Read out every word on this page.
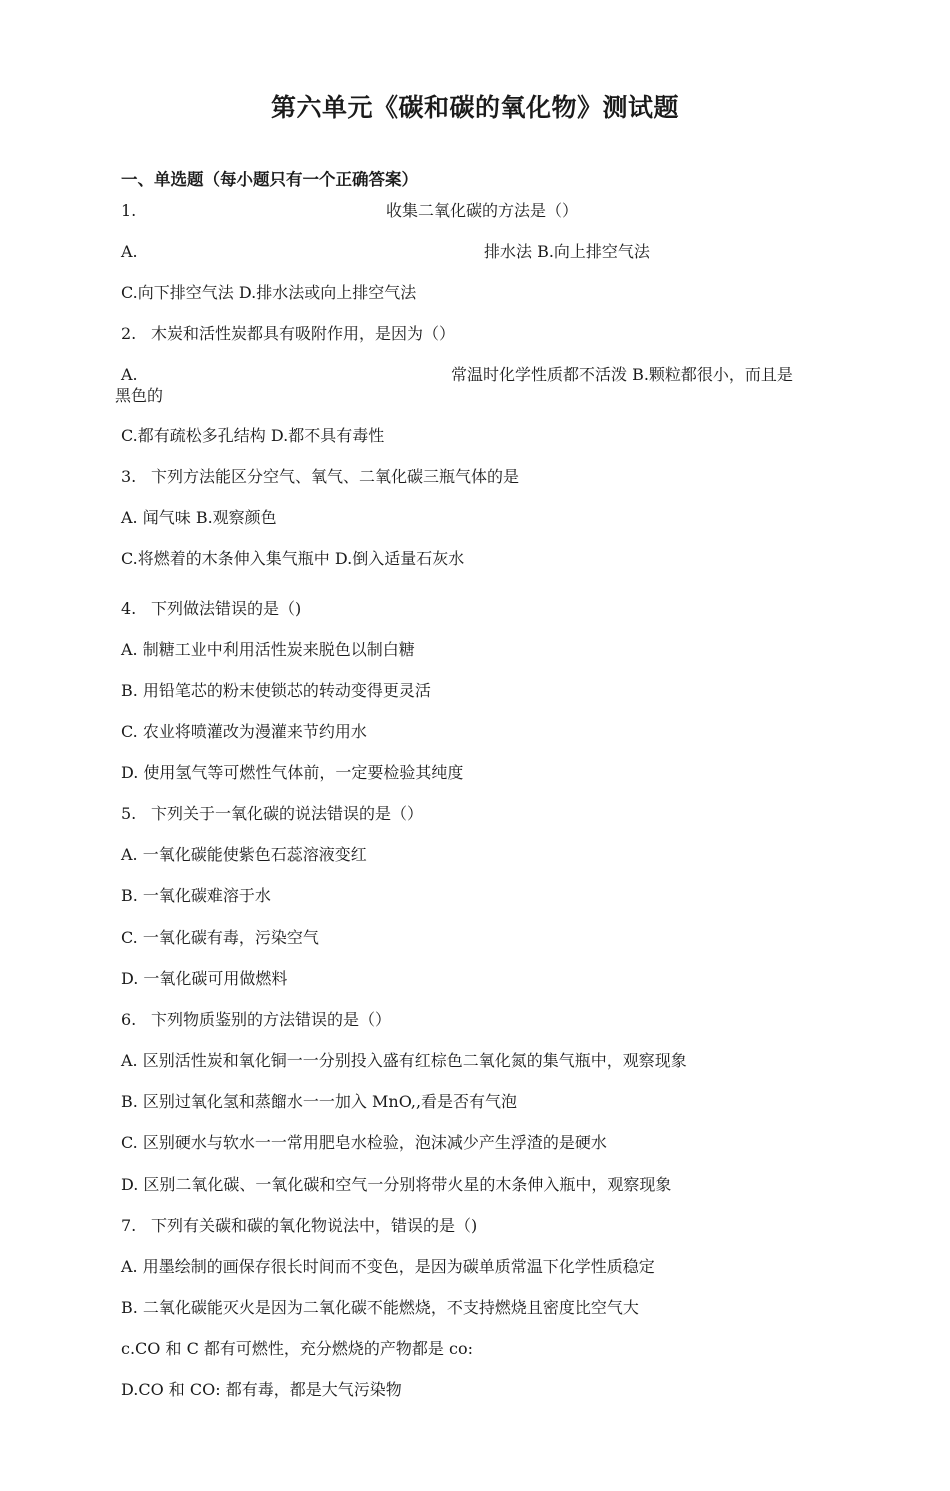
第六单元《碳和碳的氧化物》测试题
一、单选题（每小题只有一个正确答案）
1.	收集二氧化碳的方法是（）
A.	排水法 B.向上排空气法
C.向下排空气法 D.排水法或向上排空气法
2. 木炭和活性炭都具有吸附作用，是因为（）
A.	常温时化学性质都不活泼 B.颗粒都很小，而且是
黑色的
C.都有疏松多孔结构 D.都不具有毒性
3. 卞列方法能区分空气、氧气、二氧化碳三瓶气体的是
A. 闻气味 B.观察颜色
C.将燃着的木条伸入集气瓶中 D.倒入适量石灰水
4. 下列做法错误的是（)
A. 制糖工业中利用活性炭来脱色以制白糖
B. 用铅笔芯的粉末使锁芯的转动变得更灵活
C. 农业将喷灌改为漫灌来节约用水
D. 使用氢气等可燃性气体前，一定要检验其纯度
5. 卞列关于一氧化碳的说法错误的是（）
A. 一氧化碳能使紫色石蕊溶液变红
B. 一氧化碳难溶于水
C. 一氧化碳有毒，污染空气
D. 一氧化碳可用做燃料
6. 卞列物质鉴别的方法错误的是（）
A. 区别活性炭和氧化铜一一分别投入盛有红棕色二氧化氮的集气瓶中，观察现象
B. 区别过氧化氢和蒸餾水一一加入 MnO,,看是否有气泡
C. 区别硬水与软水一一常用肥皂水检验，泡沫减少产生浮渣的是硬水
D. 区别二氧化碳、一氧化碳和空气一分别将带火星的木条伸入瓶中，观察现象
7. 下列有关碳和碳的氧化物说法中，错误的是（)
A. 用墨绘制的画保存很长时间而不变色，是因为碳单质常温下化学性质稳定
B. 二氧化碳能灭火是因为二氧化碳不能燃烧，不支持燃烧且密度比空气大
c.CO 和 C 都有可燃性，充分燃烧的产物都是 co:
D.CO 和 CO: 都有毒，都是大气污染物
